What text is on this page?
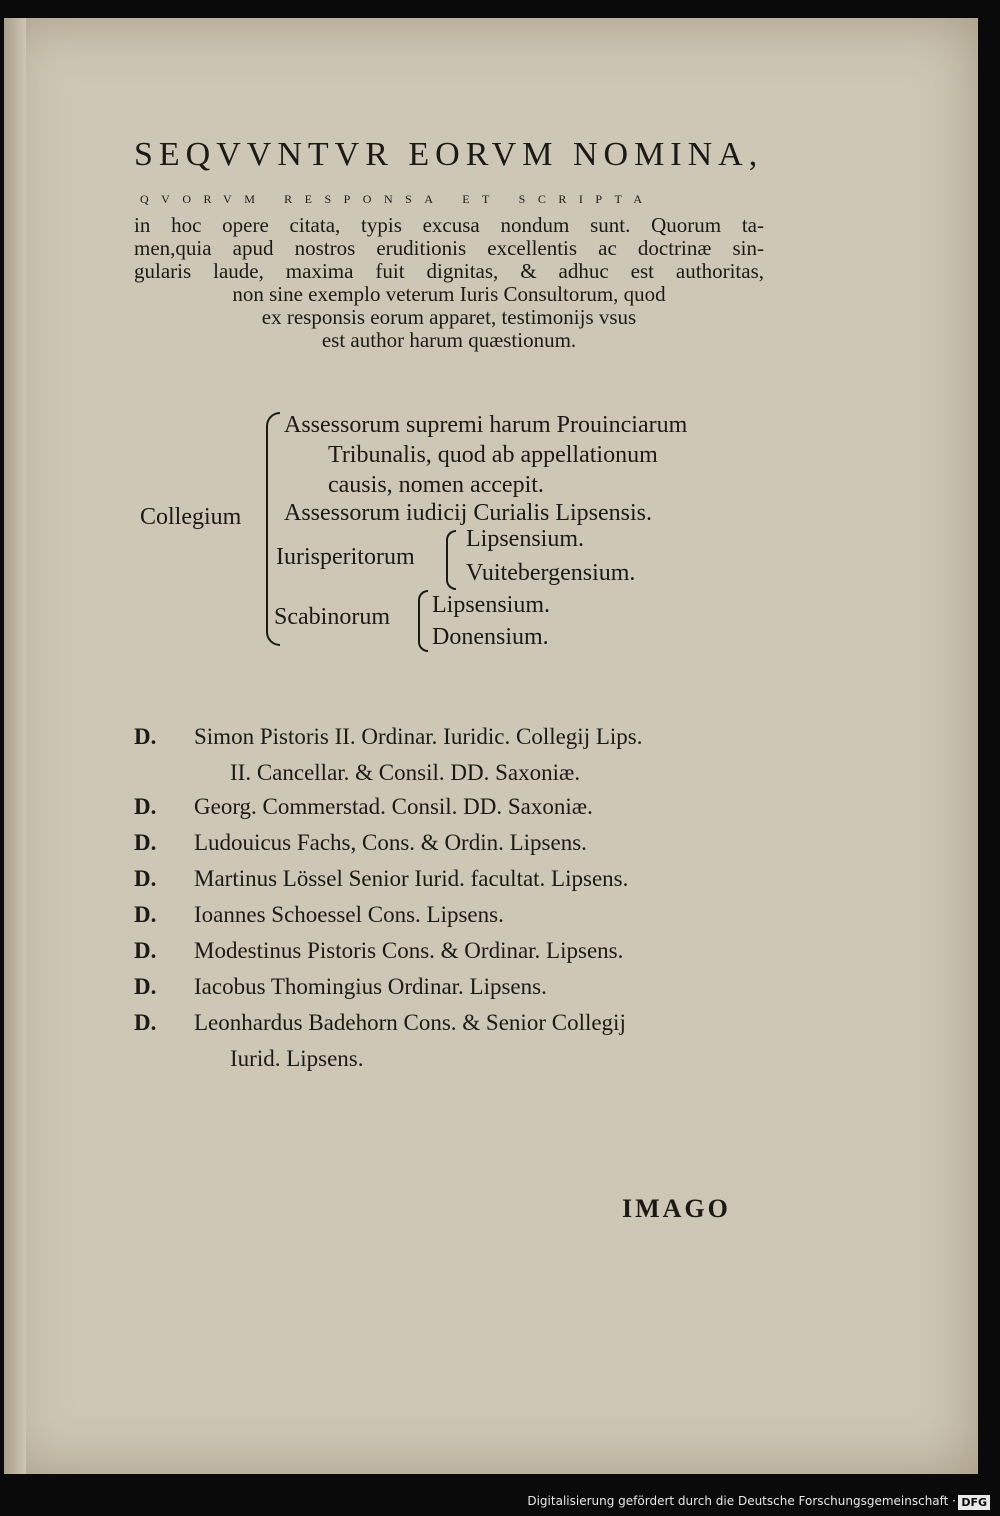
SEQVVNTVR EORVM NOMINA,
qvorvm responsa et scripta
in hoc opere citata, typis excusa nondum sunt. Quorum ta-
men,quia apud nostros eruditionis excellentis ac doctrinæ sin-
gularis laude, maxima fuit dignitas, & adhuc est authoritas,
non sine exemplo veterum Iuris Consultorum, quod
ex responsis eorum apparet, testimonijs vsus
est author harum quæstionum.
Collegium
Assessorum supremi harum Prouinciarum
Tribunalis, quod ab appellationum
causis, nomen accepit.
Assessorum iudicij Curialis Lipsensis.
Iurisperitorum
Lipsensium.
Vuitebergensium.
Scabinorum Lipsensium.
Donensium.
D.	Simon Pistoris II. Ordinar. Iuridic. Collegij Lips.
II. Cancellar. & Consil. DD. Saxoniæ.
D.	Georg. Commerstad. Consil. DD. Saxoniæ.
D.	Ludouicus Fachs, Cons. & Ordin. Lipsens.
D.	Martinus Lössel Senior Iurid. facultat. Lipsens.
D.	Ioannes Schoessel Cons. Lipsens.
D.	Modestinus Pistoris Cons. & Ordinar. Lipsens.
D.	Iacobus Thomingius Ordinar. Lipsens.
D.	Leonhardus Badehorn Cons. & Senior Collegij
Iurid. Lipsens.
IMAGO
Digitalisierung gefördert durch die Deutsche Forschungsgemeinschaft · DFG
